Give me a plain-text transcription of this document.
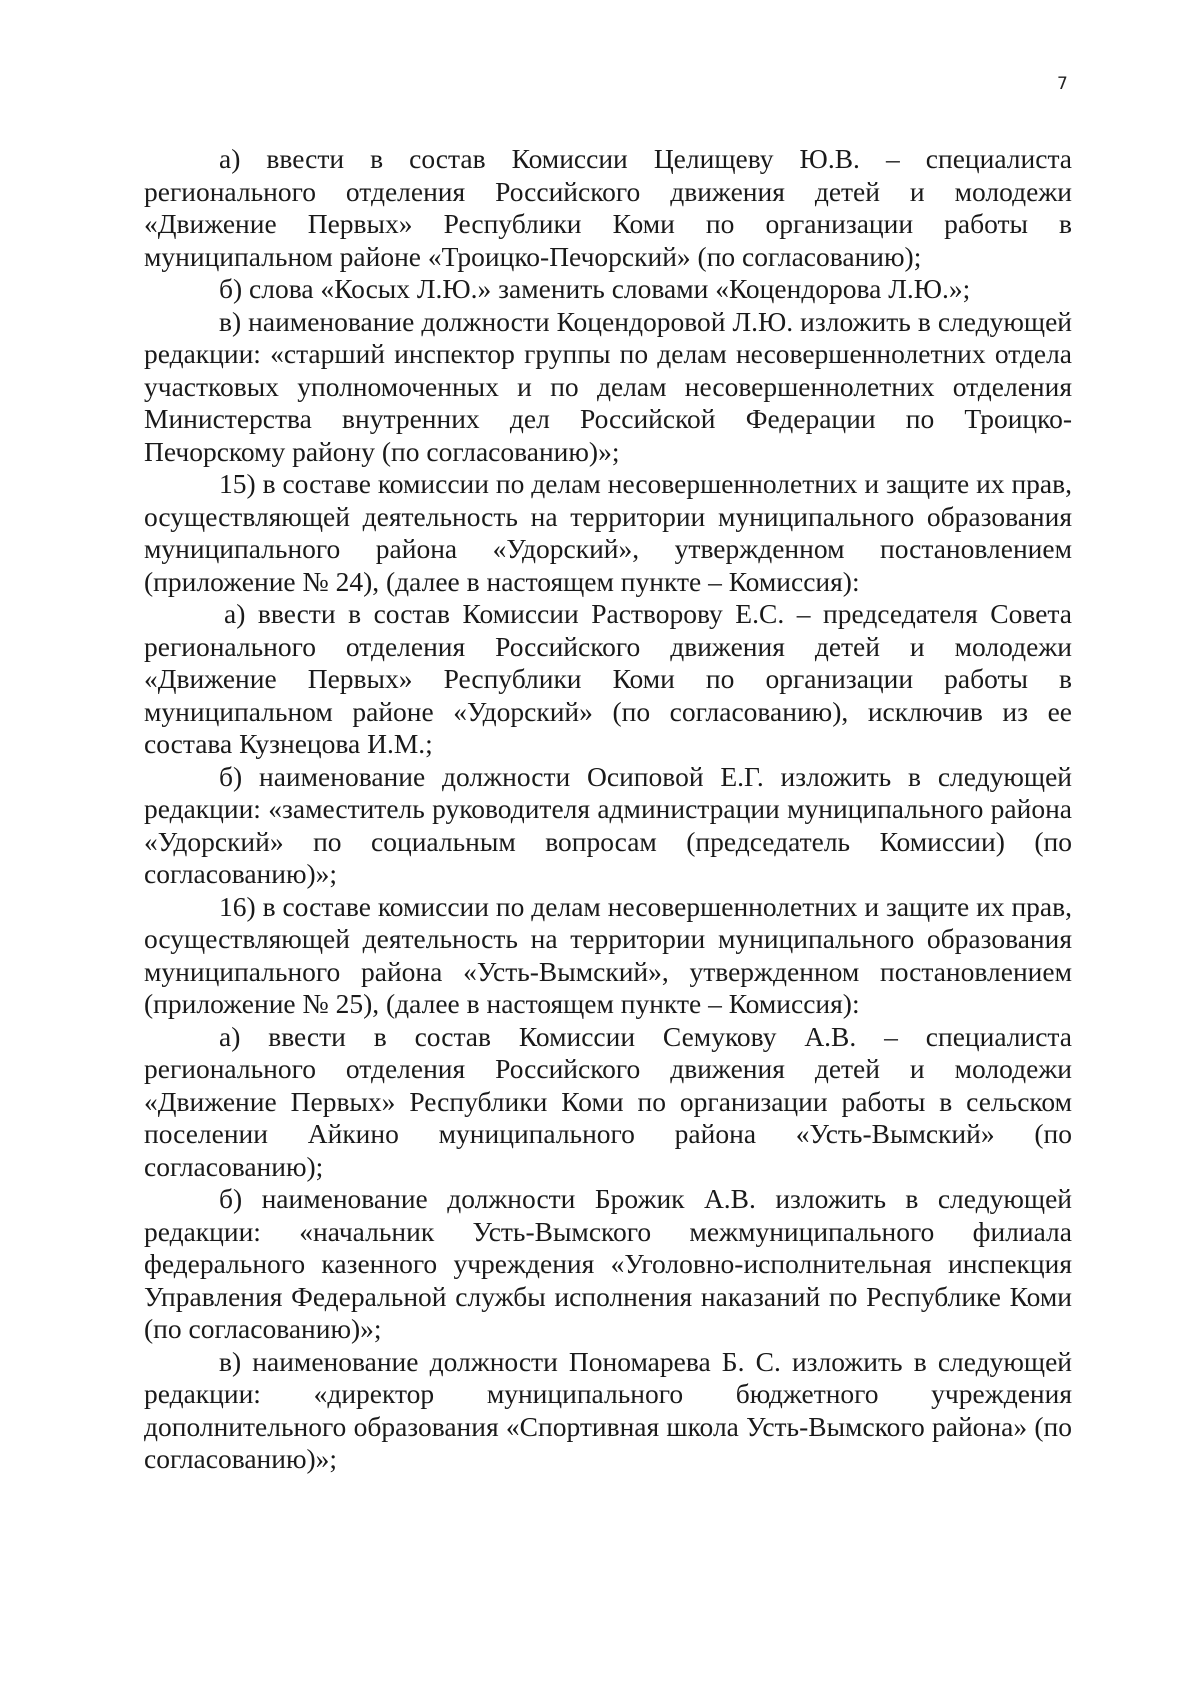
7

а) ввести в состав Комиссии Целищеву Ю.В. – специалиста регионального отделения Российского движения детей и молодежи «Движение Первых» Республики Коми по организации работы в муниципальном районе «Троицко-Печорский» (по согласованию);

б) слова «Косых Л.Ю.» заменить словами «Коцендорова Л.Ю.»;

в) наименование должности Коцендоровой Л.Ю. изложить в следующей редакции: «старший инспектор группы по делам несовершеннолетних отдела участковых уполномоченных и по делам несовершеннолетних отделения Министерства внутренних дел Российской Федерации по Троицко-Печорскому району (по согласованию)»;

15) в составе комиссии по делам несовершеннолетних и защите их прав, осуществляющей деятельность на территории муниципального образования муниципального района «Удорский», утвержденном постановлением (приложение № 24), (далее в настоящем пункте – Комиссия):

а) ввести в состав Комиссии Растворову Е.С. – председателя Совета регионального отделения Российского движения детей и молодежи «Движение Первых» Республики Коми по организации работы в муниципальном районе «Удорский» (по согласованию), исключив из ее состава Кузнецова И.М.;

б) наименование должности Осиповой Е.Г. изложить в следующей редакции: «заместитель руководителя администрации муниципального района «Удорский» по социальным вопросам (председатель Комиссии) (по согласованию)»;

16) в составе комиссии по делам несовершеннолетних и защите их прав, осуществляющей деятельность на территории муниципального образования муниципального района «Усть-Вымский», утвержденном постановлением (приложение № 25), (далее в настоящем пункте – Комиссия):

а) ввести в состав Комиссии Семукову А.В. – специалиста регионального отделения Российского движения детей и молодежи «Движение Первых» Республики Коми по организации работы в сельском поселении Айкино муниципального района «Усть-Вымский» (по согласованию);

б) наименование должности Брожик А.В. изложить в следующей редакции: «начальник Усть-Вымского межмуниципального филиала федерального казенного учреждения «Уголовно-исполнительная инспекция Управления Федеральной службы исполнения наказаний по Республике Коми (по согласованию)»;

в) наименование должности Пономарева Б. С. изложить в следующей редакции: «директор муниципального бюджетного учреждения дополнительного образования «Спортивная школа Усть-Вымского района» (по согласованию)»;
